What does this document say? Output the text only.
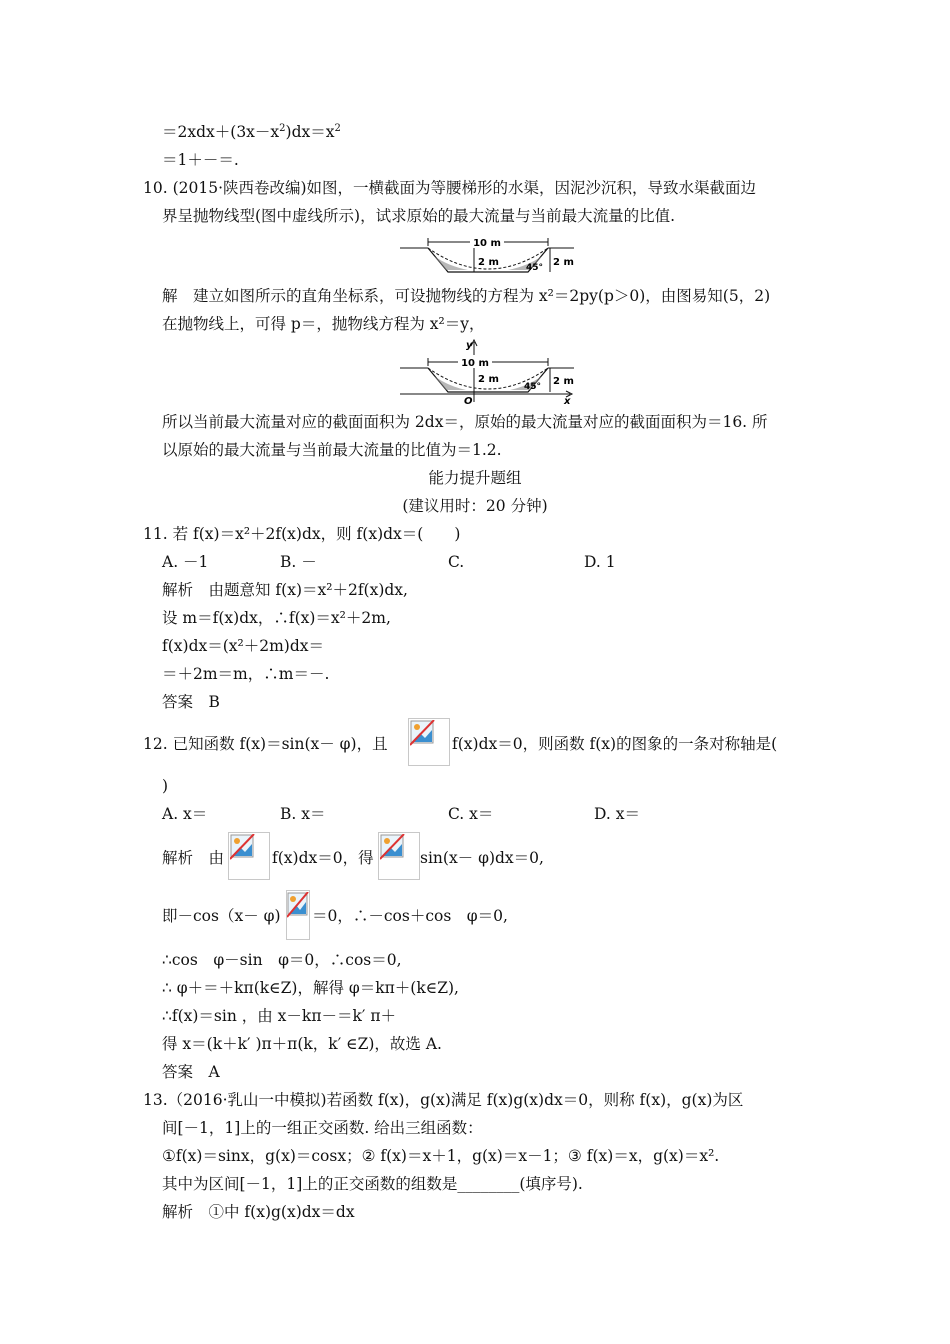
$=2xdx+(3x-x^2)dx=x^2$
＝1＋－＝.
10. (2015·陕西卷改编)如图，一横截面为等腰梯形的水渠，因泥沙沉积，导致水渠截面边
界呈抛物线型(图中虚线所示)，试求原始的最大流量与当前最大流量的比值.
10 m
2 m	2 m
45°
解　建立如图所示的直角坐标系，可设抛物线的方程为 x²＝2py(p＞0)，由图易知(5，2)
在抛物线上，可得 p＝，抛物线方程为 x²＝y，
y
x
O
10 m
2 m	2 m
45°
所以当前最大流量对应的截面面积为 2dx＝，原始的最大流量对应的截面面积为＝16. 所
以原始的最大流量与当前最大流量的比值为＝1.2.
能力提升题组
(建议用时：20 分钟)
11. 若 f(x)＝x²＋2f(x)dx，则 f(x)dx＝(　　)
A. －1	B. －	C.	D. 1
解析　由题意知 f(x)＝x²＋2f(x)dx,
设 m＝f(x)dx，∴f(x)＝x²＋2m,
f(x)dx＝(x²＋2m)dx＝
＝＋2m＝m，∴m＝－.
答案　B
12. 已知函数 f(x)＝sin(x－ φ)，且	f(x)dx＝0，则函数 f(x)的图象的一条对称轴是(
)
A. x＝	B. x＝	C. x＝	D. x＝
解析　由	f(x)dx＝0，得	sin(x－ φ)dx＝0,
即－cos（x－ φ) ＝0，∴－cos＋cos　φ＝0,
∴cos　φ－sin　φ＝0，∴cos＝0,
∴ φ＋＝＋kπ(k∈Z)，解得 φ＝kπ＋(k∈Z),
∴f(x)＝sin ，由 x－kπ－＝k′ π＋
得 x＝(k＋k′ )π＋π(k，k′ ∈Z)，故选 A.
答案　A
13.（2016·乳山一中模拟)若函数 f(x)，g(x)满足 f(x)g(x)dx＝0，则称 f(x)，g(x)为区
间[－1，1]上的一组正交函数. 给出三组函数：
①f(x)＝sinx，g(x)＝cosx；② f(x)＝x＋1，g(x)＝x－1；③ f(x)＝x，g(x)＝x².
其中为区间[－1，1]上的正交函数的组数是________(填序号).
解析　①中 f(x)g(x)dx＝dx
